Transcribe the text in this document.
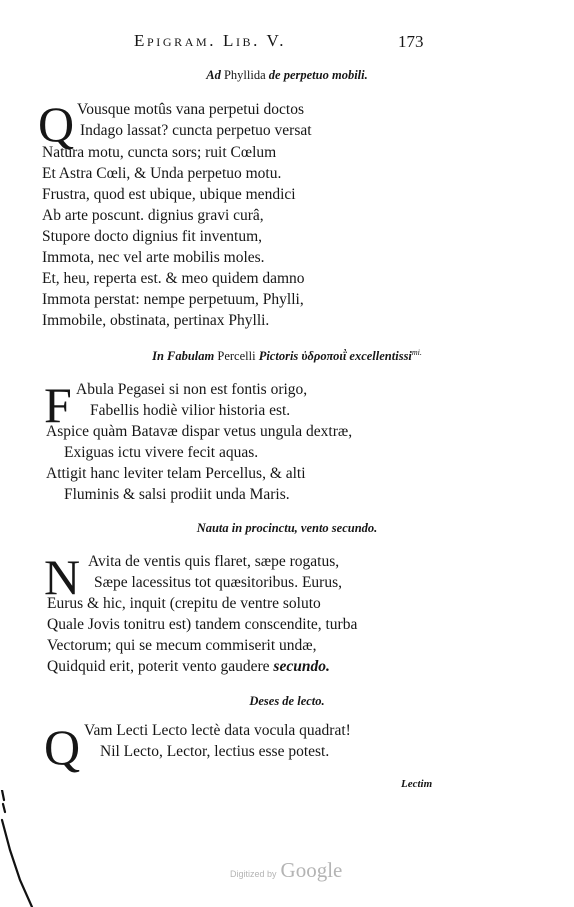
Epigram. Lib. V.	173
Ad Phyllida de perpetuo mobili.
Q Vousque motûs vana perpetui doctos
Indago lassat? cuncta perpetuo versat
Natura motu, cuncta sors; ruit Cœlum
Et Astra Cœli, & Unda perpetuo motu.
Frustra, quod est ubique, ubique mendici
Ab arte poscunt. dignius gravi curâ,
Stupore docto dignius fit inventum,
Immota, nec vel arte mobilis moles.
Et, heu, reperta est. & meo quidem damno
Immota perstat: nempe perpetuum, Phylli,
Immobile, obstinata, pertinax Phylli.
In Fabulam Percelli Pictoris ὑδροποιῒ excellentissi$^{mi.}$
F Abula Pegasei si non est fontis origo,
Fabellis hodiè vilior historia est.
Aspice quàm Batavæ dispar vetus ungula dextræ,
Exiguas ictu vivere fecit aquas.
Attigit hanc leviter telam Percellus, & alti
Fluminis & salsi prodiit unda Maris.
Nauta in procinctu, vento secundo.
N Avita de ventis quis flaret, sæpe rogatus,
Sæpe lacessitus tot quæsitoribus. Eurus,
Eurus & hic, inquit (crepitu de ventre soluto
Quale Jovis tonitru est) tandem conscendite, turba
Vectorum; qui se mecum commiserit undæ,
Quidquid erit, poterit vento gaudere secundo.
Deses de lecto.
Q Vam Lecti Lecto lectè data vocula quadrat!
Nil Lecto, Lector, lectius esse potest.
Lectim
Digitized by Google
